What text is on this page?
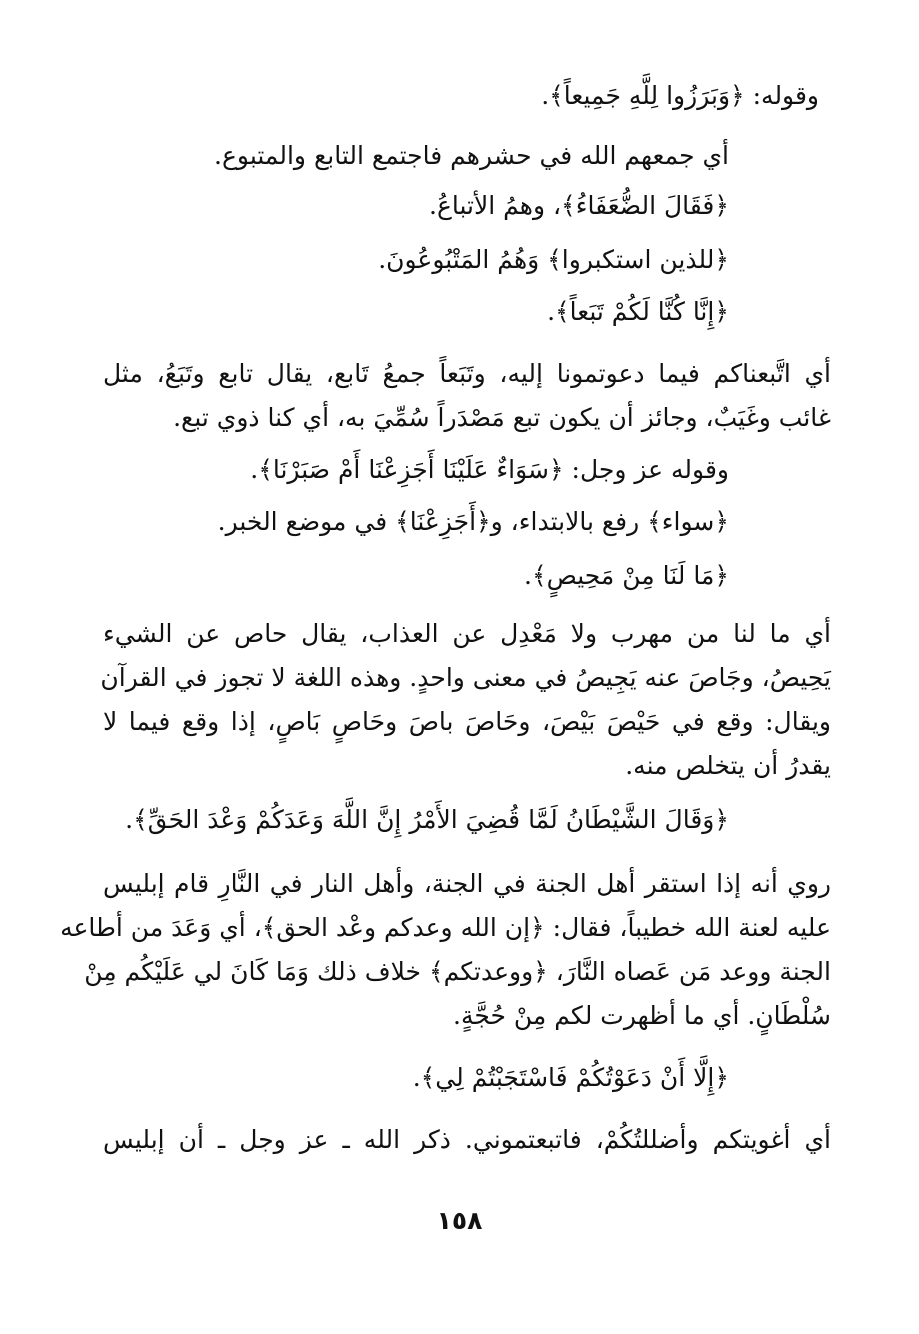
وقوله: ﴿وَبَرَزُوا لِلَّهِ جَمِيعاً﴾.
أي جمعهم الله في حشرهم فاجتمع التابع والمتبوع.
﴿فَقَالَ الضُّعَفَاءُ﴾، وهمُ الأتباعُ.
﴿للذين استكبروا﴾ وَهُمُ المَتْبُوعُونَ.
﴿إِنَّا كُنَّا لَكُمْ تَبَعاً﴾.
أي اتَّبعناكم فيما دعوتمونا إليه، وتَبَعاً جمعُ تَابع، يقال تابع وتَبَعُ، مثل
غائب وغَيَبٌ، وجائز أن يكون تبع مَصْدَراً سُمِّيَ به، أي كنا ذوي تبع.
وقوله عز وجل: ﴿سَوَاءٌ عَلَيْنَا أَجَزِعْنَا أَمْ صَبَرْنَا﴾.
﴿سواء﴾ رفع بالابتداء، و﴿أَجَزِعْنَا﴾ في موضع الخبر.
﴿مَا لَنَا مِنْ مَحِيصٍ﴾.
أي ما لنا من مهرب ولا مَعْدِل عن العذاب، يقال حاص عن الشيء
يَحِيصُ، وجَاصَ عنه يَجِيصُ في معنى واحدٍ. وهذه اللغة لا تجوز في القرآن
ويقال: وقع في حَيْصَ بَيْصَ، وحَاصَ باصَ وحَاصٍ بَاصٍ، إذا وقع فيما لا
يقدرُ أن يتخلص منه.
﴿وَقَالَ الشَّيْطَانُ لَمَّا قُضِيَ الأَمْرُ إِنَّ اللَّهَ وَعَدَكُمْ وَعْدَ الحَقِّ﴾.
روي أنه إذا استقر أهل الجنة في الجنة، وأهل النار في النَّارِ قام إبليس
عليه لعنة الله خطيباً، فقال: ﴿إن الله وعدكم وعْد الحق﴾، أي وَعَدَ من أطاعه
الجنة ووعد مَن عَصاه النَّارَ، ﴿ووعدتكم﴾ خلاف ذلك وَمَا كَانَ لي عَلَيْكُم مِنْ
سُلْطَانٍ. أي ما أظهرت لكم مِنْ حُجَّةٍ.
﴿إِلَّا أَنْ دَعَوْتُكُمْ فَاسْتَجَبْتُمْ لِي﴾.
أي أغويتكم وأضللتُكُمْ، فاتبعتموني. ذكر الله ـ عز وجل ـ أن إبليس
١٥٨
